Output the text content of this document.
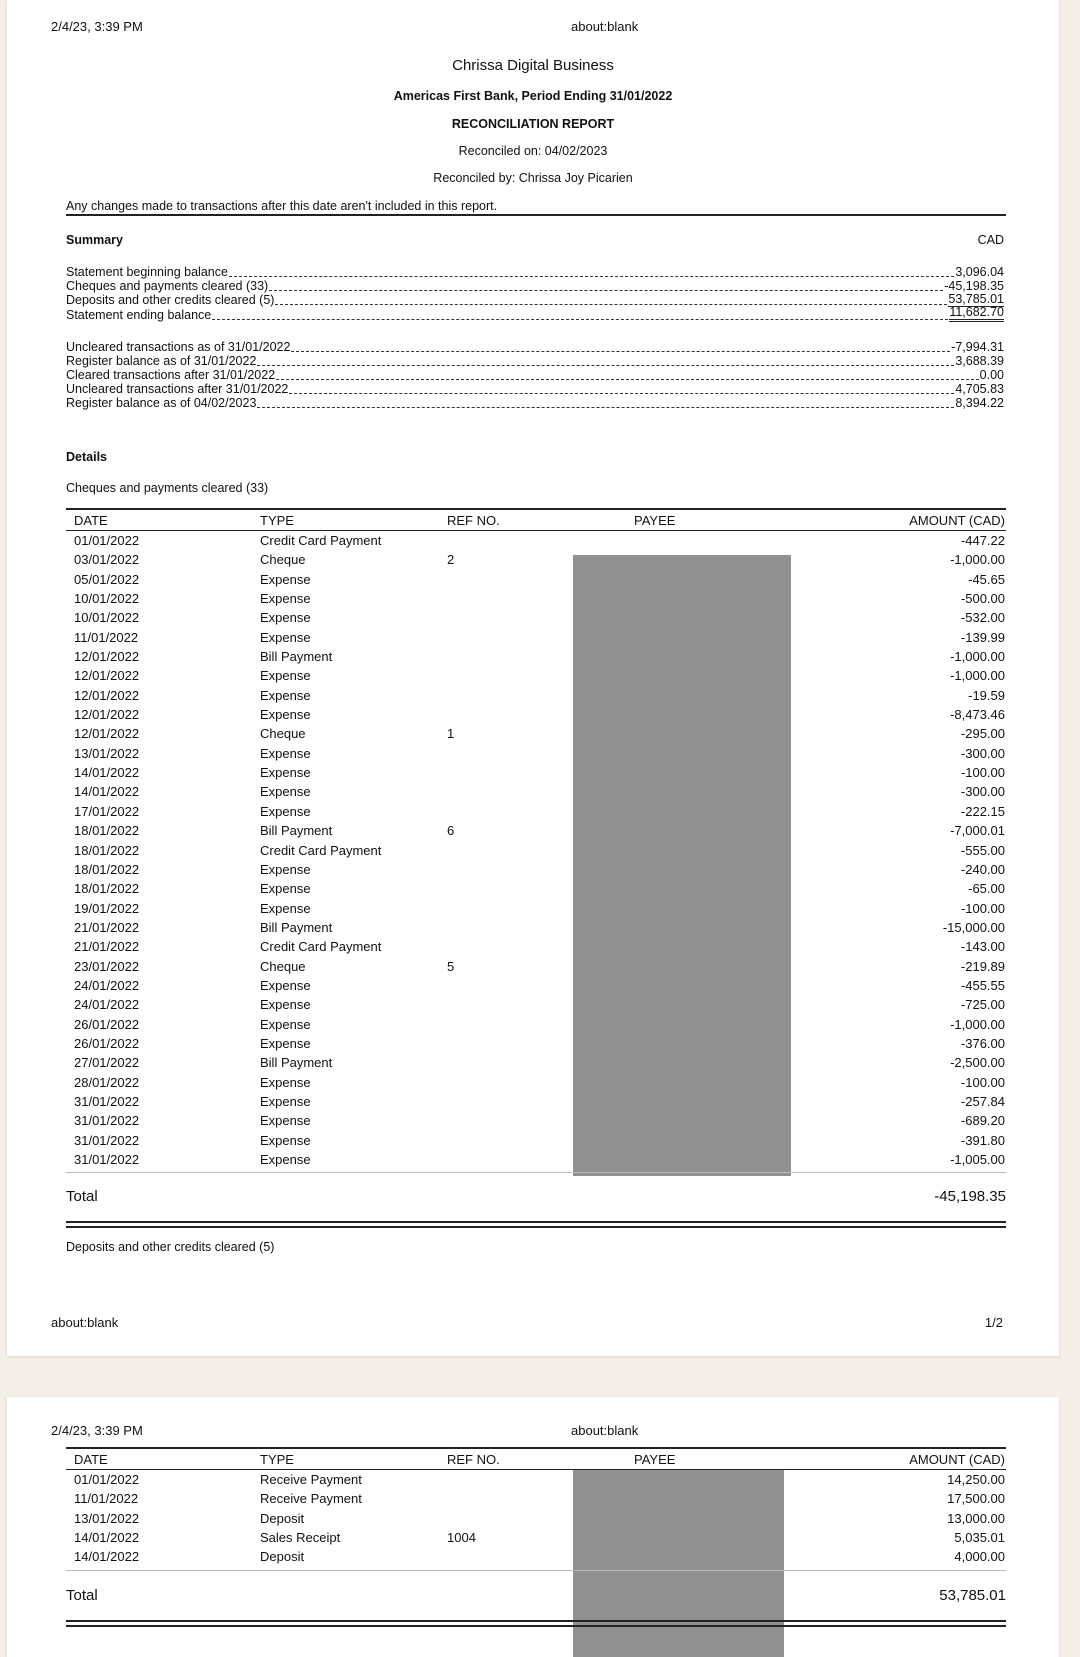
2/4/23, 3:39 PM	about:blank
Chrissa Digital Business
Americas First Bank, Period Ending 31/01/2022
RECONCILIATION REPORT
Reconciled on: 04/02/2023
Reconciled by: Chrissa Joy Picarien
Any changes made to transactions after this date aren't included in this report.
Summary	CAD
Statement beginning balance	3,096.04
Cheques and payments cleared (33)	-45,198.35
Deposits and other credits cleared (5)	53,785.01
Statement ending balance	11,682.70
Uncleared transactions as of 31/01/2022	-7,994.31
Register balance as of 31/01/2022	3,688.39
Cleared transactions after 31/01/2022	0.00
Uncleared transactions after 31/01/2022	4,705.83
Register balance as of 04/02/2023	8,394.22
Details
Cheques and payments cleared (33)
DATE	TYPE	REF NO.	PAYEE	AMOUNT (CAD)
01/01/2022	Credit Card Payment	-447.22
03/01/2022	Cheque	2	-1,000.00
05/01/2022	Expense	-45.65
10/01/2022	Expense	-500.00
10/01/2022	Expense	-532.00
11/01/2022	Expense	-139.99
12/01/2022	Bill Payment	-1,000.00
12/01/2022	Expense	-1,000.00
12/01/2022	Expense	-19.59
12/01/2022	Expense	-8,473.46
12/01/2022	Cheque	1	-295.00
13/01/2022	Expense	-300.00
14/01/2022	Expense	-100.00
14/01/2022	Expense	-300.00
17/01/2022	Expense	-222.15
18/01/2022	Bill Payment	6	-7,000.01
18/01/2022	Credit Card Payment	-555.00
18/01/2022	Expense	-240.00
18/01/2022	Expense	-65.00
19/01/2022	Expense	-100.00
21/01/2022	Bill Payment	-15,000.00
21/01/2022	Credit Card Payment	-143.00
23/01/2022	Cheque	5	-219.89
24/01/2022	Expense	-455.55
24/01/2022	Expense	-725.00
26/01/2022	Expense	-1,000.00
26/01/2022	Expense	-376.00
27/01/2022	Bill Payment	-2,500.00
28/01/2022	Expense	-100.00
31/01/2022	Expense	-257.84
31/01/2022	Expense	-689.20
31/01/2022	Expense	-391.80
31/01/2022	Expense	-1,005.00
Total	-45,198.35
Deposits and other credits cleared (5)
about:blank	1/2
2/4/23, 3:39 PM	about:blank
DATE	TYPE	REF NO.	PAYEE	AMOUNT (CAD)
01/01/2022	Receive Payment	14,250.00
11/01/2022	Receive Payment	17,500.00
13/01/2022	Deposit	13,000.00
14/01/2022	Sales Receipt	1004	5,035.01
14/01/2022	Deposit	4,000.00
Total	53,785.01
